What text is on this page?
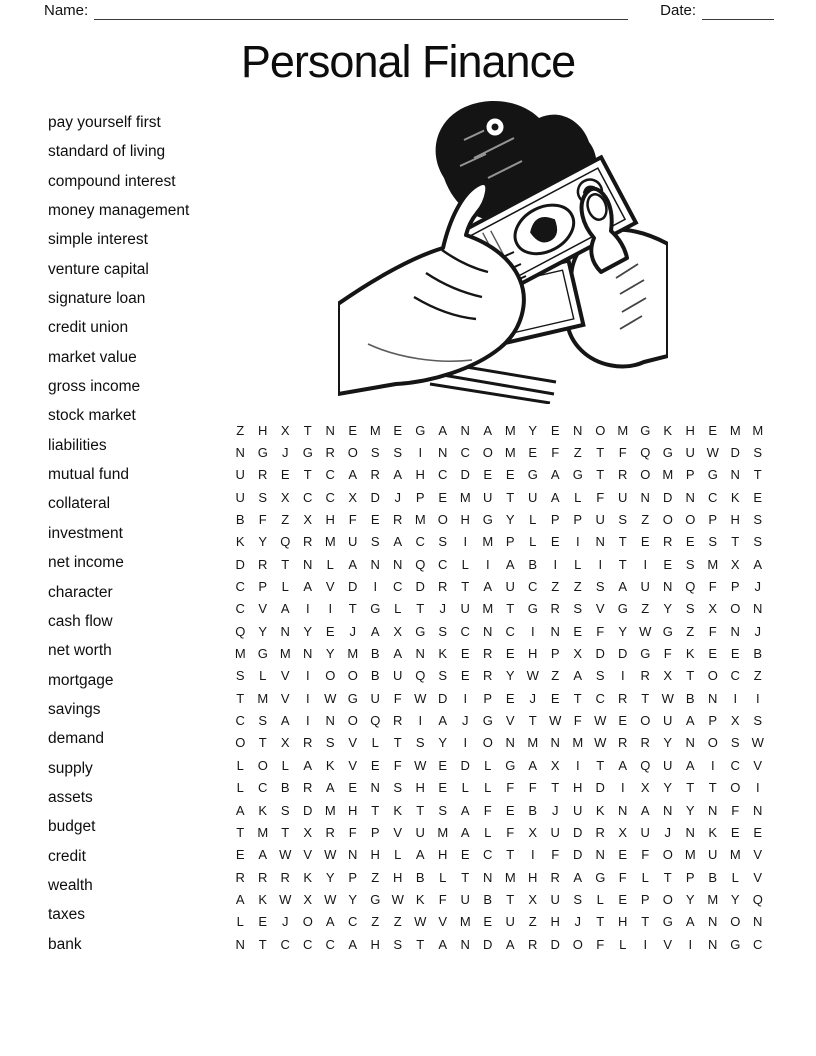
Name:	Date:
Personal Finance
pay yourself first
standard of living
compound interest
money management
simple interest
venture capital
signature loan
credit union
market value
gross income
stock market
liabilities
mutual fund
collateral
investment
net income
character
cash flow
net worth
mortgage
savings
demand
supply
assets
budget
credit
wealth
taxes
bank
Z	H	X	T	N	E M E	G	A	N	A M Y	E	N O M G	K	H	E M M
N G	J	G R O	S	S	I	N	C O M E	F	Z	T	F	Q G U W D	S
U	R	E	T	C	A	R	A	H	C	D	E	E	G	A	G	T	R O M P	G N	T
U	S	X	C	C	X	D	J	P	E M U	T	U	A	L	F	U	N	D	N	C	K	E
B	F	Z	X	H	F	E	R M O H G	Y	L	P	P	U	S	Z	O O	P	H	S
K	Y	Q R M U	S	A	C	S	I	M P	L	E	I	N	T	E	R	E	S	T	S
D	R	T	N	L	A	N	N Q C	L	I	A	B	I	L	I	T	I	E	S M X	A
C	P	L	A	V	D	I	C	D	R	T	A	U	C	Z	Z	S	A	U	N Q	F	P	J
C	V	A	I	I	T	G	L	T	J	U M	T	G R	S	V	G	Z	Y	S	X	O N
Q	Y	N	Y	E	J	A	X	G	S	C	N	C	I	N	E	F	Y W G	Z	F	N	J
M G M N	Y M B	A	N	K	E	R	E	H	P	X	D	D G	F	K	E	E	B
S	L	V	I	O O	B	U Q	S	E	R	Y W Z	A	S	I	R	X	T	O C	Z
T	M V	I	W G U	F W D	I	P	E	J	E	T	C	R	T W B	N	I	I
C	S	A	I	N O Q R	I	A	J	G	V	T W F W E	O U	A	P	X	S
O	T	X	R	S	V	L	T	S	Y	I	O N M N M W R	R	Y	N O	S W
L	O	L	A	K	V	E	F W E	D	L	G	A	X	I	T	A	Q U	A	I	C	V
L	C	B	R	A	E	N	S	H	E	L	L	F	F	T	H	D	I	X	Y	T	T	O	I
A	K	S	D M H	T	K	T	S	A	F	E	B	J	U	K	N	A	N	Y	N	F	N
T	M	T	X	R	F	P	V	U M A	L	F	X	U	D	R	X	U	J	N	K	E	E
E	A W V W N	H	L	A	H	E	C	T	I	F	D	N	E	F	O M U M V
R	R	R	K	Y	P	Z	H	B	L	T	N M H	R	A	G	F	L	T	P	B	L	V
A	K W X W Y	G W K	F	U	B	T	X	U	S	L	E	P	O	Y M Y	Q
L	E	J	O	A	C	Z	Z W V M E	U	Z	H	J	T	H	T	G	A	N O N
N	T	C	C	C	A	H	S	T	A	N	D	A	R	D O	F	L	I	V	I	N G C
